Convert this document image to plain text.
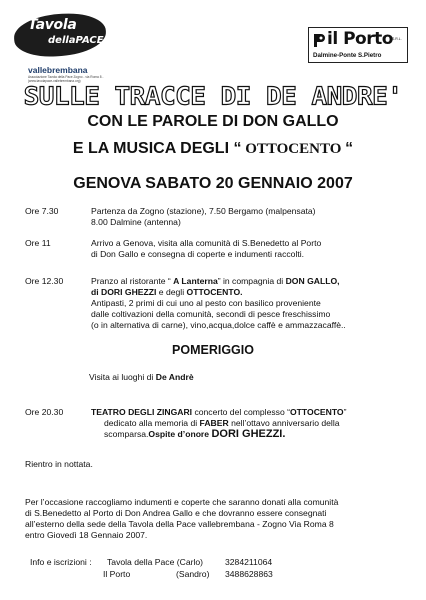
Tavola
dellaPACE
vallebrembana
Associazione Tavola della Pace Zogno - via Roma 8 - (www.tavolapace-vallebrembana.org)
il Porto S.R.L.
Dalmine-Ponte S.Pietro
SULLE TRACCE DI DE ANDRE'
CON LE PAROLE DI DON GALLO
E LA MUSICA DEGLI “ OTTOCENTO “
GENOVA SABATO 20 GENNAIO 2007
Ore 7.30	Partenza da Zogno (stazione), 7.50 Bergamo (malpensata)
8.00 Dalmine (antenna)
Ore 11	Arrivo a Genova, visita alla comunità di S.Benedetto al Porto
di Don Gallo e consegna di coperte e indumenti raccolti.
Ore 12.30	Pranzo al ristorante “ A Lanterna” in compagnia di DON GALLO,
di DORI GHEZZI e degli OTTOCENTO.
Antipasti, 2 primi di cui uno al pesto con basilico proveniente
dalle coltivazioni della comunità, secondi di pesce freschissimo
(o in alternativa di carne), vino,acqua,dolce caffè e ammazzacaffè..
POMERIGGIO
Visita ai luoghi di De Andrè
Ore 20.30	TEATRO DEGLI ZINGARI concerto del complesso “OTTOCENTO”
dedicato alla memoria di FABER nell’ottavo anniversario della
scomparsa.Ospite d’onore DORI GHEZZI.
Rientro in nottata.
Per l’occasione raccogliamo indumenti e coperte che saranno donati alla comunità
di S.Benedetto al Porto di Don Andrea Gallo e che dovranno essere consegnati
all’esterno della sede della Tavola della Pace vallebrembana - Zogno Via Roma 8
entro Giovedì 18 Gennaio 2007.
Info e iscrizioni : Tavola della Pace (Carlo)	3284211064
Il Porto	(Sandro) 3488628863
